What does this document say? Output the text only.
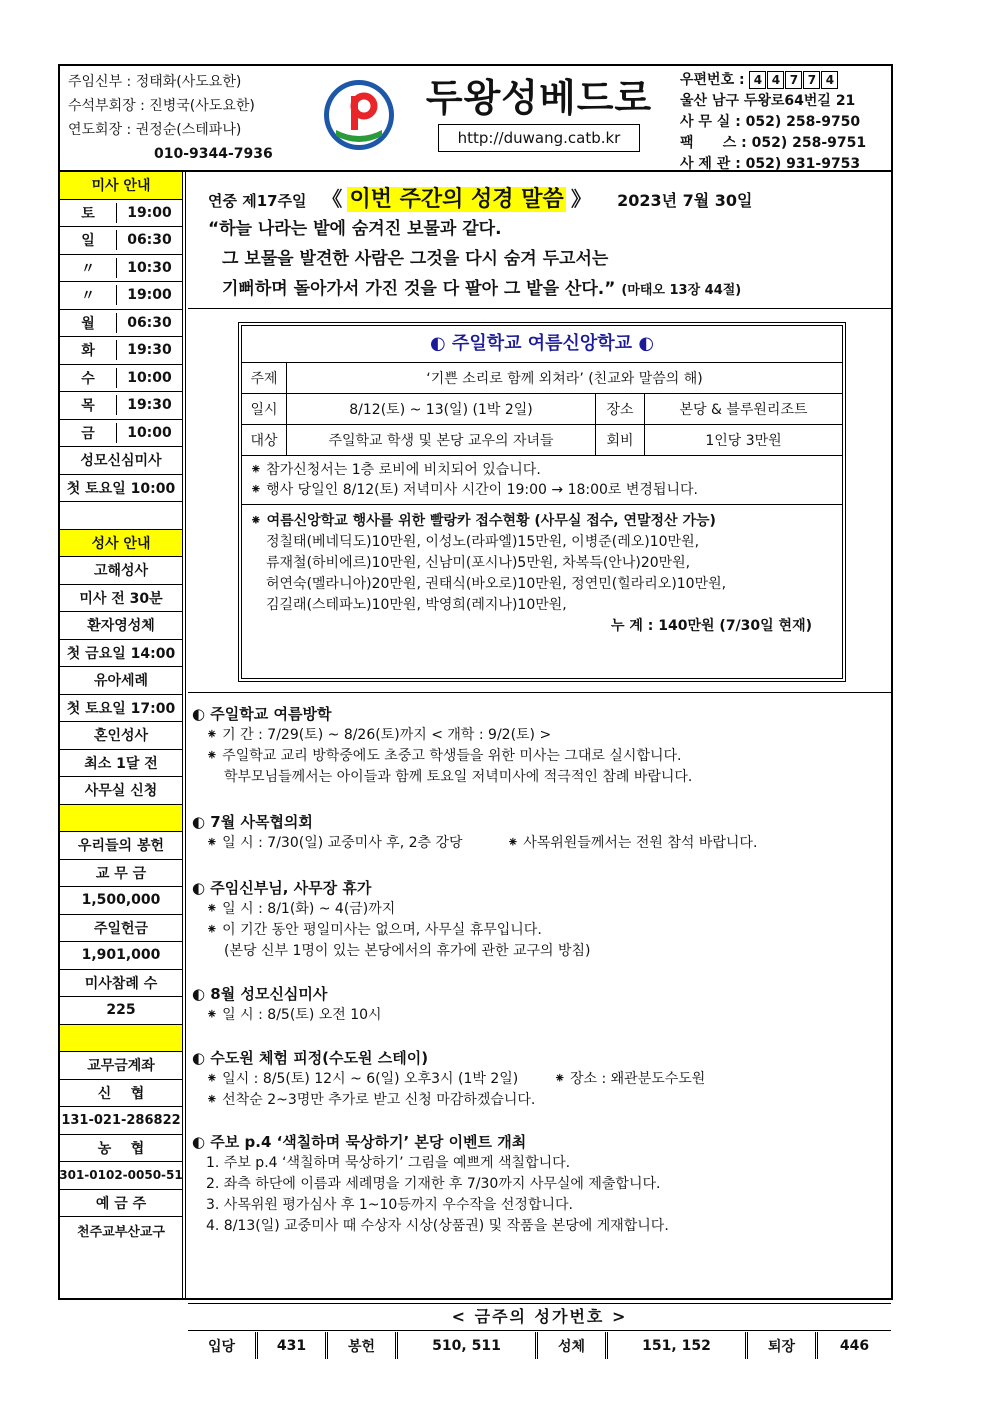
주임신부 : 정태화(사도요한)
수석부회장 : 진병국(사도요한)
연도회장 : 권정순(스테파나)
010-9344-7936
두왕성베드로
http://duwang.catb.kr
우편번호 : 4 4 7 7 4
울산 남구 두왕로64번길 21
사 무 실 : 052) 258-9750
팩      스 : 052) 258-9751
사 제 관 : 052) 931-9753
미사 안내
토	19:00
일	06:30
〃	10:30
〃	19:00
월	06:30
화	19:30
수	10:00
목	19:30
금	10:00
성모신심미사
첫 토요일 10:00
성사 안내
고해성사
미사 전 30분
환자영성체
첫 금요일 14:00
유아세례
첫 토요일 17:00
혼인성사
최소 1달 전
사무실 신청
우리들의 봉헌
교 무 금
1,500,000
주일헌금
1,901,000
미사참례 수
225
교무금계좌
신    협
131-021-286822
농    협
301-0102-0050-51
예 금 주
천주교부산교구
연중 제17주일 《 이번 주간의 성경 말씀 》 2023년 7월 30일
“하늘 나라는 밭에 숨겨진 보물과 같다.
그 보물을 발견한 사람은 그것을 다시 숨겨 두고서는
기뻐하며 돌아가서 가진 것을 다 팔아 그 밭을 산다.” (마태오 13장 44절)
◐ 주일학교 여름신앙학교 ◐
주제	‘기쁜 소리로 함께 외쳐라’ (친교와 말씀의 해)		
일시	8/12(토) ~ 13(일) (1박 2일)	장소	본당 & 블루원리조트
대상	주일학교 학생 및 본당 교우의 자녀들	회비	1인당 3만원
⁕ 참가신청서는 1층 로비에 비치되어 있습니다.
⁕ 행사 당일인 8/12(토) 저녁미사 시간이 19:00 → 18:00로 변경됩니다.
⁕ 여름신앙학교 행사를 위한 빨랑카 접수현황 (사무실 접수, 연말정산 가능)
정칠태(베네딕도)10만원, 이성노(라파엘)15만원, 이병준(레오)10만원,
류재철(하비에르)10만원, 신남미(포시나)5만원, 차복득(안나)20만원,
허연숙(멜라니아)20만원, 권태식(바오로)10만원, 정연민(힐라리오)10만원,
김길래(스테파노)10만원, 박영희(레지나)10만원,
누 계 : 140만원 (7/30일 현재)
◐ 주일학교 여름방학
⁕ 기 간 : 7/29(토) ~ 8/26(토)까지 < 개학 : 9/2(토) >
⁕ 주일학교 교리 방학중에도 초중고 학생들을 위한 미사는 그대로 실시합니다.
학부모님들께서는 아이들과 함께 토요일 저녁미사에 적극적인 참례 바랍니다.
◐ 7월 사목협의회
⁕ 일 시 : 7/30(일) 교중미사 후, 2층 강당          ⁕ 사목위원들께서는 전원 참석 바랍니다.
◐ 주임신부님, 사무장 휴가
⁕ 일 시 : 8/1(화) ~ 4(금)까지
⁕ 이 기간 동안 평일미사는 없으며, 사무실 휴무입니다.
(본당 신부 1명이 있는 본당에서의 휴가에 관한 교구의 방침)
◐ 8월 성모신심미사
⁕ 일 시 : 8/5(토) 오전 10시
◐ 수도원 체험 피정(수도원 스테이)
⁕ 일시 : 8/5(토) 12시 ~ 6(일) 오후3시 (1박 2일)        ⁕ 장소 : 왜관분도수도원
⁕ 선착순 2~3명만 추가로 받고 신청 마감하겠습니다.
◐ 주보 p.4 ‘색칠하며 묵상하기’ 본당 이벤트 개최
1. 주보 p.4 ‘색칠하며 묵상하기’ 그림을 예쁘게 색칠합니다.
2. 좌측 하단에 이름과 세례명을 기재한 후 7/30까지 사무실에 제출합니다.
3. 사목위원 평가심사 후 1~10등까지 우수작을 선정합니다.
4. 8/13(일) 교중미사 때 수상자 시상(상품권) 및 작품을 본당에 게재합니다.
< 금주의 성가번호 >
입당	431	봉헌	510, 511	성체	151, 152	퇴장	446
